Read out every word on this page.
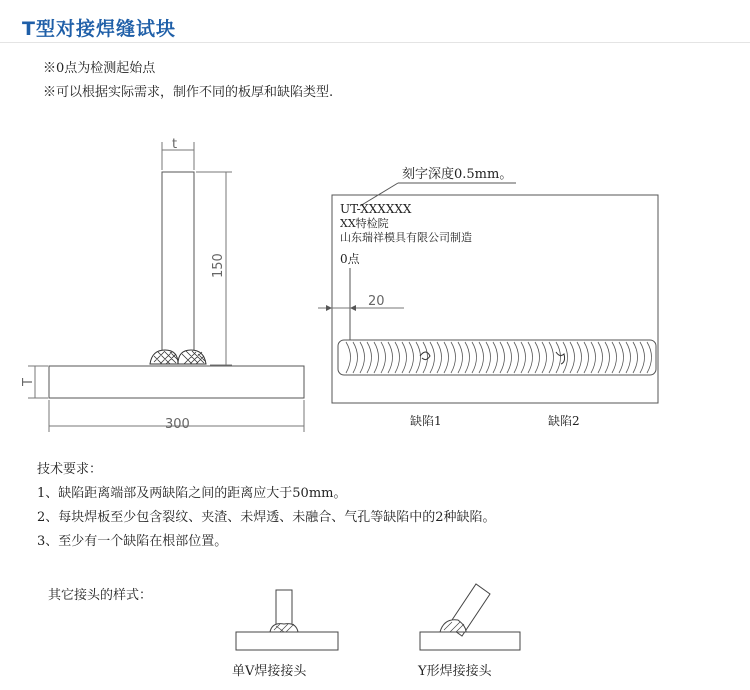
T型对接焊缝试块
※0点为检测起始点
※可以根据实际需求，制作不同的板厚和缺陷类型.
t
150
T
300
刻字深度0.5mm。
UT-XXXXXX
XX特检院
山东瑞祥模具有限公司制造
0点
20
缺陷1	缺陷2
技术要求：
1、缺陷距离端部及两缺陷之间的距离应大于50mm。
2、每块焊板至少包含裂纹、夹渣、未焊透、未融合、气孔等缺陷中的2种缺陷。
3、至少有一个缺陷在根部位置。
其它接头的样式：
单V焊接接头	Y形焊接接头
